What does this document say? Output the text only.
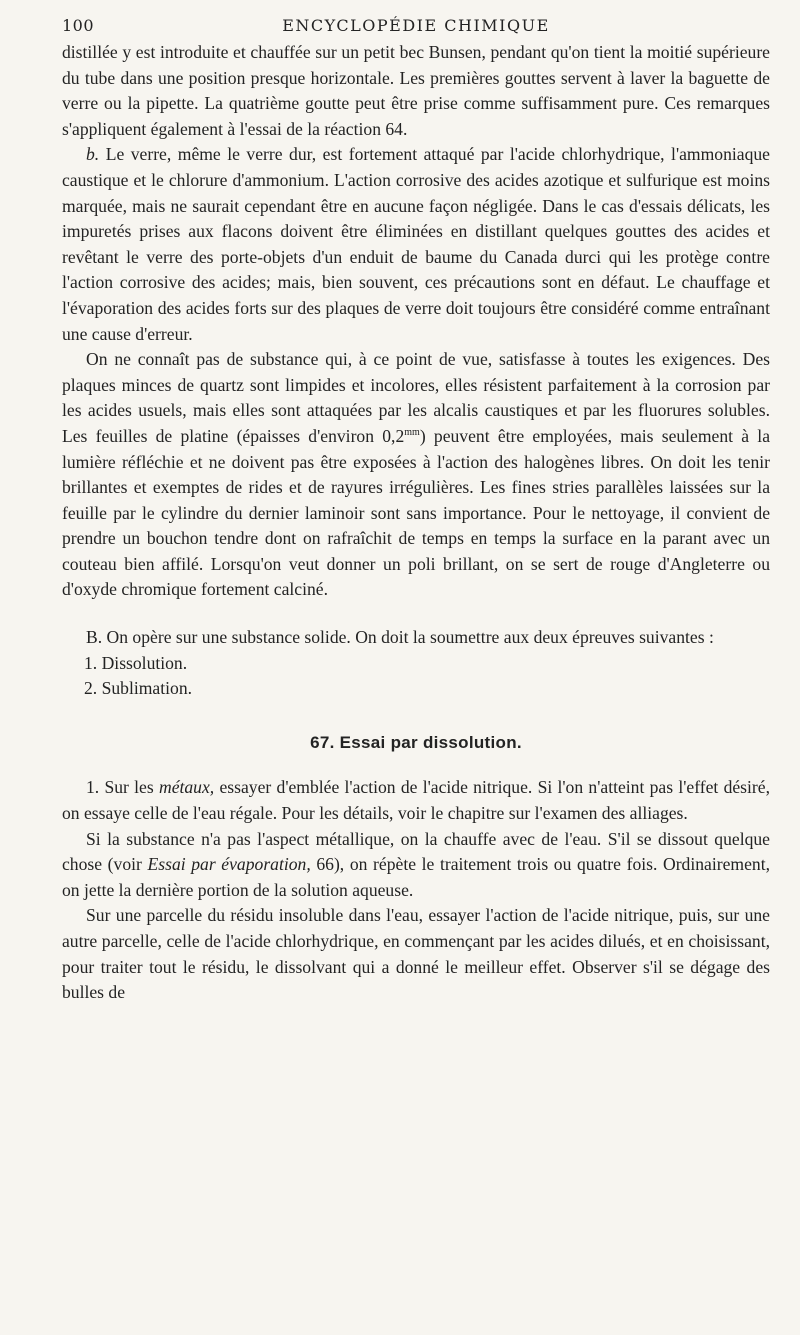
100	ENCYCLOPÉDIE CHIMIQUE

distillée y est introduite et chauffée sur un petit bec Bunsen, pendant qu'on tient la moitié supérieure du tube dans une position presque horizontale. Les premières gouttes servent à laver la baguette de verre ou la pipette. La quatrième goutte peut être prise comme suffisamment pure. Ces remarques s'appliquent également à l'essai de la réaction 64.

b. Le verre, même le verre dur, est fortement attaqué par l'acide chlorhydrique, l'ammoniaque caustique et le chlorure d'ammonium. L'action corrosive des acides azotique et sulfurique est moins marquée, mais ne saurait cependant être en aucune façon négligée. Dans le cas d'essais délicats, les impuretés prises aux flacons doivent être éliminées en distillant quelques gouttes des acides et revêtant le verre des porte-objets d'un enduit de baume du Canada durci qui les protège contre l'action corrosive des acides; mais, bien souvent, ces précautions sont en défaut. Le chauffage et l'évaporation des acides forts sur des plaques de verre doit toujours être considéré comme entraînant une cause d'erreur.

On ne connaît pas de substance qui, à ce point de vue, satisfasse à toutes les exigences. Des plaques minces de quartz sont limpides et incolores, elles résistent parfaitement à la corrosion par les acides usuels, mais elles sont attaquées par les alcalis caustiques et par les fluorures solubles. Les feuilles de platine (épaisses d'environ $0,2^{mm}$) peuvent être employées, mais seulement à la lumière réfléchie et ne doivent pas être exposées à l'action des halogènes libres. On doit les tenir brillantes et exemptes de rides et de rayures irrégulières. Les fines stries parallèles laissées sur la feuille par le cylindre du dernier laminoir sont sans importance. Pour le nettoyage, il convient de prendre un bouchon tendre dont on rafraîchit de temps en temps la surface en la parant avec un couteau bien affilé. Lorsqu'on veut donner un poli brillant, on se sert de rouge d'Angleterre ou d'oxyde chromique fortement calciné.

B. On opère sur une substance solide. On doit la soumettre aux deux épreuves suivantes :

1. Dissolution.

2. Sublimation.

67. Essai par dissolution.

1. Sur les métaux, essayer d'emblée l'action de l'acide nitrique. Si l'on n'atteint pas l'effet désiré, on essaye celle de l'eau régale. Pour les détails, voir le chapitre sur l'examen des alliages.

Si la substance n'a pas l'aspect métallique, on la chauffe avec de l'eau. S'il se dissout quelque chose (voir Essai par évaporation, 66), on répète le traitement trois ou quatre fois. Ordinairement, on jette la dernière portion de la solution aqueuse.

Sur une parcelle du résidu insoluble dans l'eau, essayer l'action de l'acide nitrique, puis, sur une autre parcelle, celle de l'acide chlorhydrique, en commençant par les acides dilués, et en choisissant, pour traiter tout le résidu, le dissolvant qui a donné le meilleur effet. Observer s'il se dégage des bulles de
